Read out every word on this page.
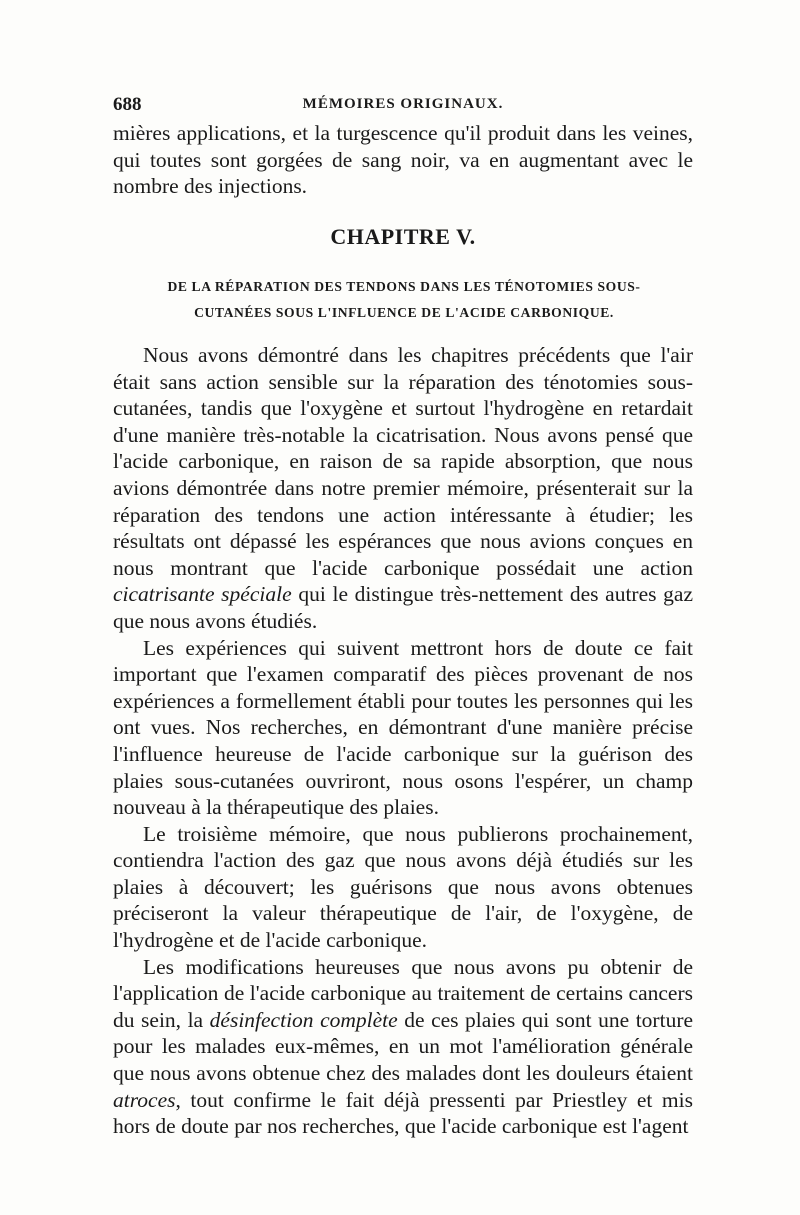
688	MÉMOIRES ORIGINAUX.

mières applications, et la turgescence qu'il produit dans les veines, qui toutes sont gorgées de sang noir, va en augmentant avec le nombre des injections.

CHAPITRE V.
DE LA RÉPARATION DES TENDONS DANS LES TÉNOTOMIES SOUS-CUTANÉES SOUS L'INFLUENCE DE L'ACIDE CARBONIQUE.

Nous avons démontré dans les chapitres précédents que l'air était sans action sensible sur la réparation des ténotomies sous-cutanées, tandis que l'oxygène et surtout l'hydrogène en retardait d'une manière très-notable la cicatrisation. Nous avons pensé que l'acide carbonique, en raison de sa rapide absorption, que nous avions démontrée dans notre premier mémoire, présenterait sur la réparation des tendons une action intéressante à étudier; les résultats ont dépassé les espérances que nous avions conçues en nous montrant que l'acide carbonique possédait une action cicatrisante spéciale qui le distingue très-nettement des autres gaz que nous avons étudiés.

Les expériences qui suivent mettront hors de doute ce fait important que l'examen comparatif des pièces provenant de nos expériences a formellement établi pour toutes les personnes qui les ont vues. Nos recherches, en démontrant d'une manière précise l'influence heureuse de l'acide carbonique sur la guérison des plaies sous-cutanées ouvriront, nous osons l'espérer, un champ nouveau à la thérapeutique des plaies.

Le troisième mémoire, que nous publierons prochainement, contiendra l'action des gaz que nous avons déjà étudiés sur les plaies à découvert; les guérisons que nous avons obtenues préciseront la valeur thérapeutique de l'air, de l'oxygène, de l'hydrogène et de l'acide carbonique.

Les modifications heureuses que nous avons pu obtenir de l'application de l'acide carbonique au traitement de certains cancers du sein, la désinfection complète de ces plaies qui sont une torture pour les malades eux-mêmes, en un mot l'amélioration générale que nous avons obtenue chez des malades dont les douleurs étaient atroces, tout confirme le fait déjà pressenti par Priestley et mis hors de doute par nos recherches, que l'acide carbonique est l'agent
